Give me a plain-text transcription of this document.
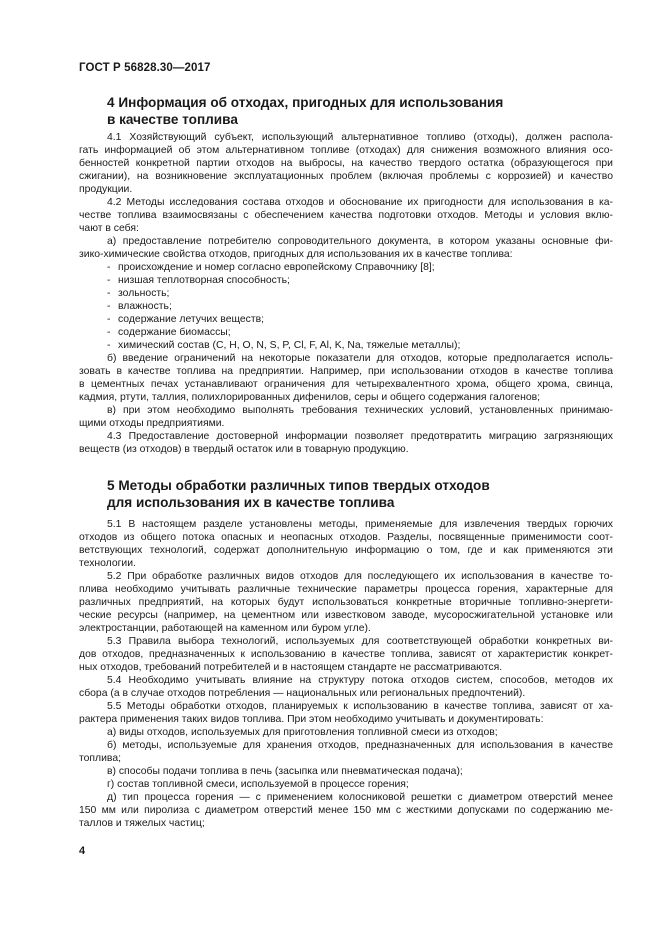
ГОСТ Р 56828.30—2017
4 Информация об отходах, пригодных для использования
в качестве топлива
4.1 Хозяйствующий субъект, использующий альтернативное топливо (отходы), должен распола-
гать информацией об этом альтернативном топливе (отходах) для снижения возможного влияния осо-
бенностей конкретной партии отходов на выбросы, на качество твердого остатка (образующегося при
сжигании), на возникновение эксплуатационных проблем (включая проблемы с коррозией) и качество
продукции.
4.2 Методы исследования состава отходов и обоснование их пригодности для использования в ка-
честве топлива взаимосвязаны с обеспечением качества подготовки отходов. Методы и условия вклю-
чают в себя:
а) предоставление потребителю сопроводительного документа, в котором указаны основные фи-
зико-химические свойства отходов, пригодных для использования их в качестве топлива:
- происхождение и номер согласно европейскому Справочнику [8];
- низшая теплотворная способность;
- зольность;
- влажность;
- содержание летучих веществ;
- содержание биомассы;
- химический состав (C, H, O, N, S, P, Cl, F, Al, K, Na, тяжелые металлы);
б) введение ограничений на некоторые показатели для отходов, которые предполагается исполь-
зовать в качестве топлива на предприятии. Например, при использовании отходов в качестве топлива
в цементных печах устанавливают ограничения для четырехвалентного хрома, общего хрома, свинца,
кадмия, ртути, таллия, полихлорированных дифенилов, серы и общего содержания галогенов;
в) при этом необходимо выполнять требования технических условий, установленных принимаю-
щими отходы предприятиями.
4.3 Предоставление достоверной информации позволяет предотвратить миграцию загрязняющих
веществ (из отходов) в твердый остаток или в товарную продукцию.
5 Методы обработки различных типов твердых отходов
для использования их в качестве топлива
5.1 В настоящем разделе установлены методы, применяемые для извлечения твердых горючих
отходов из общего потока опасных и неопасных отходов. Разделы, посвященные применимости соот-
ветствующих технологий, содержат дополнительную информацию о том, где и как применяются эти
технологии.
5.2 При обработке различных видов отходов для последующего их использования в качестве то-
плива необходимо учитывать различные технические параметры процесса горения, характерные для
различных предприятий, на которых будут использоваться конкретные вторичные топливно-энергети-
ческие ресурсы (например, на цементном или известковом заводе, мусоросжигательной установке или
электростанции, работающей на каменном или буром угле).
5.3 Правила выбора технологий, используемых для соответствующей обработки конкретных ви-
дов отходов, предназначенных к использованию в качестве топлива, зависят от характеристик конкрет-
ных отходов, требований потребителей и в настоящем стандарте не рассматриваются.
5.4 Необходимо учитывать влияние на структуру потока отходов систем, способов, методов их
сбора (а в случае отходов потребления — национальных или региональных предпочтений).
5.5 Методы обработки отходов, планируемых к использованию в качестве топлива, зависят от ха-
рактера применения таких видов топлива. При этом необходимо учитывать и документировать:
а) виды отходов, используемых для приготовления топливной смеси из отходов;
б) методы, используемые для хранения отходов, предназначенных для использования в качестве
топлива;
в) способы подачи топлива в печь (засыпка или пневматическая подача);
г) состав топливной смеси, используемой в процессе горения;
д) тип процесса горения — с применением колосниковой решетки с диаметром отверстий менее
150 мм или пиролиза с диаметром отверстий менее 150 мм с жесткими допусками по содержанию ме-
таллов и тяжелых частиц;
4
